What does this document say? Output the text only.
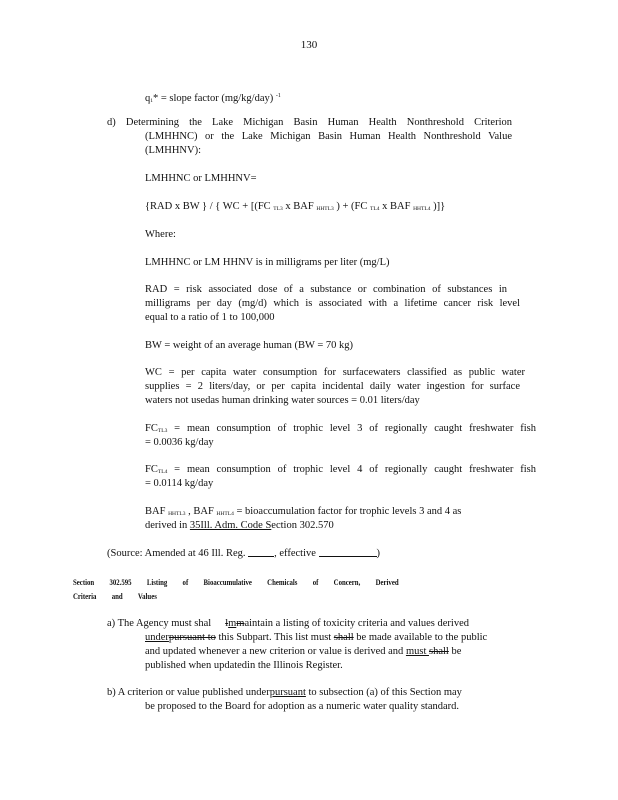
130
$q_1*$ = slope factor (mg/kg/day) $^{-1}$
d) Determining the Lake Michigan Basin Human Health Nonthreshold Criterion
(LMHHNC) or the Lake Michigan Basin Human Health Nonthreshold Value
(LMHHNV):
LMHHNC or LMHHNV=
{RAD x BW } / { WC + [(FC $_{TL3}$ x BAF $_{HHTL3}$ ) + (FC $_{TL4}$ x BAF $_{HHTL4}$ )]}
Where:
LMHHNC or LM HHNV is in milligrams per liter (mg/L)
RAD = risk associated dose of a substance or combination of substances in
milligrams per day (mg/d) which is associated with a lifetime cancer risk level
equal to a ratio of 1 to 100,000
BW = weight of an average human (BW = 70 kg)
WC = per capita water consumption for surfacewaters classified as public water
supplies = 2 liters/day, or per capita incidental daily water ingestion for surface
waters not usedas human drinking water sources = 0.01 liters/day
$FC_{TL3}$ = mean consumption of trophic level 3 of regionally caught freshwater fish
= 0.0036 kg/day
$FC_{TL4}$ = mean consumption of trophic level 4 of regionally caught freshwater fish
= 0.0114 kg/day
BAF $_{HHTL3}$ , BAF $_{HHTL4}$ = bioaccumulation factor for trophic levels 3 and 4 as
derived in 35Ill. Adm. Code Section 302.570
(Source: Amended at 46 Ill. Reg.	, effective	)
Section 302.595 Listing of Bioaccumulative Chemicals of Concern, Derived
Criteria and Values
a) The Agency must shal lmmaintain a listing of toxicity criteria and values derived
underpursuant to this Subpart. This list must shall be made available to the public
and updated whenever a new criterion or value is derived and must shall be
published when updatedin the Illinois Register.
b) A criterion or value published underpursuant to subsection (a) of this Section may
be proposed to the Board for adoption as a numeric water quality standard.
